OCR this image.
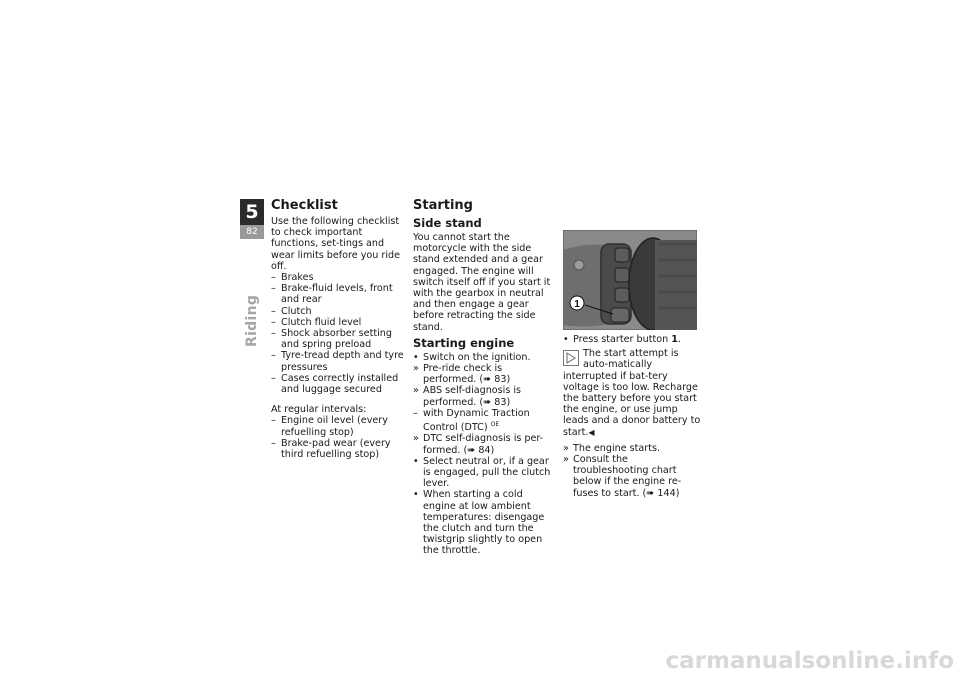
5
82
Riding
Checklist

Use the following checklist to check important functions, set-tings and wear limits before you ride off.

– Brakes
– Brake-fluid levels, front and rear
– Clutch
– Clutch fluid level
– Shock absorber setting and spring preload
– Tyre-tread depth and tyre pressures
– Cases correctly installed and luggage secured

At regular intervals:

– Engine oil level (every refuelling stop)
– Brake-pad wear (every third refuelling stop)
Starting
Side stand

You cannot start the motorcycle with the side stand extended and a gear engaged. The engine will switch itself off if you start it with the gearbox in neutral and then engage a gear before retracting the side stand.

Starting engine
• Switch on the ignition.
» Pre-ride check is performed. (➠ 83)
» ABS self-diagnosis is performed. (➠ 83)
– with Dynamic Traction Control (DTC) $^{OE}$
» DTC self-diagnosis is per-formed. (➠ 84)
• Select neutral or, if a gear is engaged, pull the clutch lever.
• When starting a cold engine at low ambient temperatures: disengage the clutch and turn the twistgrip slightly to open the throttle.
1
• Press starter button 1.
The start attempt is auto-matically interrupted if bat-tery voltage is too low. Recharge the battery before you start the engine, or use jump leads and a donor battery to start.◀
» The engine starts.
» Consult the troubleshooting chart below if the engine re-fuses to start. (➠ 144)
carmanualsonline.info
